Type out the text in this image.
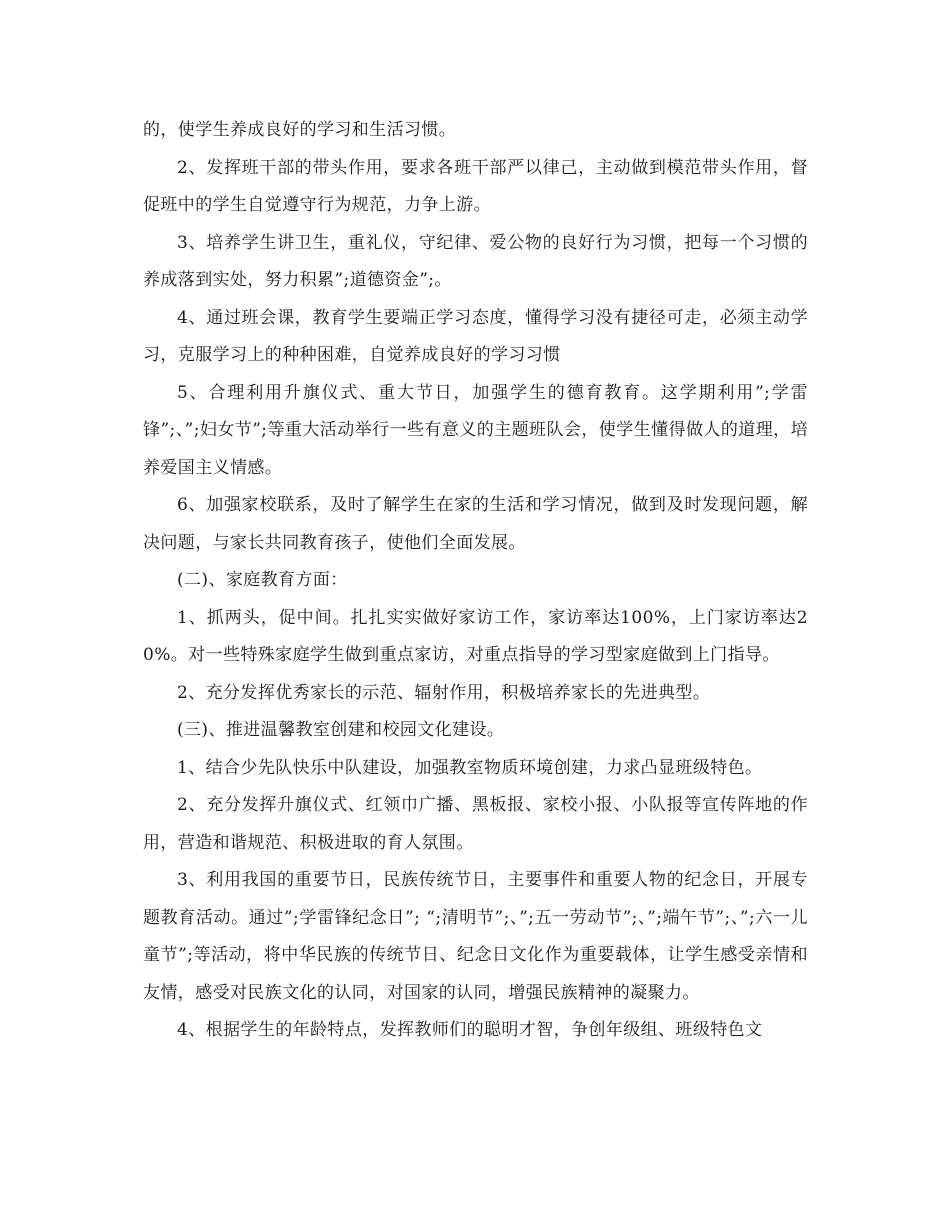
的，使学生养成良好的学习和生活习惯。

2、发挥班干部的带头作用，要求各班干部严以律己，主动做到模范带头作用，督促班中的学生自觉遵守行为规范，力争上游。

3、培养学生讲卫生，重礼仪，守纪律、爱公物的良好行为习惯，把每一个习惯的养成落到实处，努力积累”;道德资金”;。

4、通过班会课，教育学生要端正学习态度，懂得学习没有捷径可走，必须主动学习，克服学习上的种种困难，自觉养成良好的学习习惯

5、合理利用升旗仪式、重大节日，加强学生的德育教育。这学期利用”;学雷锋”;、”;妇女节”;等重大活动举行一些有意义的主题班队会，使学生懂得做人的道理，培养爱国主义情感。

6、加强家校联系，及时了解学生在家的生活和学习情况，做到及时发现问题，解决问题，与家长共同教育孩子，使他们全面发展。

(二)、家庭教育方面：

1、抓两头，促中间。扎扎实实做好家访工作，家访率达100%，上门家访率达20%。对一些特殊家庭学生做到重点家访，对重点指导的学习型家庭做到上门指导。

2、充分发挥优秀家长的示范、辐射作用，积极培养家长的先进典型。

(三)、推进温馨教室创建和校园文化建设。

1、结合少先队快乐中队建设，加强教室物质环境创建，力求凸显班级特色。

2、充分发挥升旗仪式、红领巾广播、黑板报、家校小报、小队报等宣传阵地的作用，营造和谐规范、积极进取的育人氛围。

3、利用我国的重要节日，民族传统节日，主要事件和重要人物的纪念日，开展专题教育活动。通过”;学雷锋纪念日”; “;清明节”;、”;五一劳动节”;、”;端午节”;、”;六一儿童节”;等活动，将中华民族的传统节日、纪念日文化作为重要载体，让学生感受亲情和友情，感受对民族文化的认同，对国家的认同，增强民族精神的凝聚力。

4、根据学生的年龄特点，发挥教师们的聪明才智，争创年级组、班级特色文
